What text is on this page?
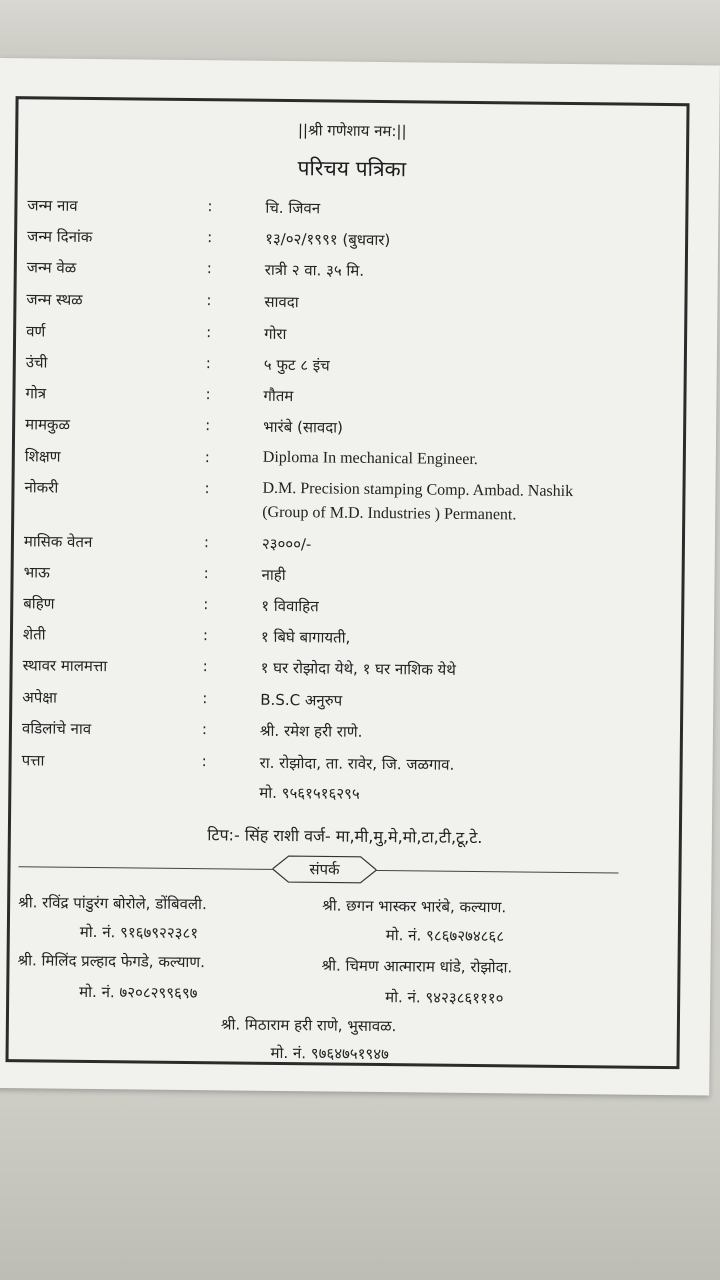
||श्री गणेशाय नम:||
परिचय पत्रिका
जन्म नाव	:	चि. जिवन
जन्म दिनांक	:	१३/०२/१९९१ (बुधवार)
जन्म वेळ	:	रात्री २ वा. ३५ मि.
जन्म स्थळ	:	सावदा
वर्ण	:	गोरा
उंची	:	५ फुट ८ इंच
गोत्र	:	गौतम
मामकुळ	:	भारंबे (सावदा)
शिक्षण	:	Diploma In mechanical Engineer.
नोकरी	:	D.M. Precision stamping Comp. Ambad. Nashik
(Group of M.D. Industries ) Permanent.
मासिक वेतन	:	२३०००/-
भाऊ	:	नाही
बहिण	:	१ विवाहित
शेती	:	१ बिघे बागायती,
स्थावर मालमत्ता	:	१ घर रोझोदा येथे, १ घर नाशिक येथे
अपेक्षा	:	B.S.C अनुरुप
वडिलांचे नाव	:	श्री. रमेश हरी राणे.
पत्ता	:	रा. रोझोदा, ता. रावेर, जि. जळगाव.
मो. ९५६१५१६२९५
टिप:- सिंह राशी वर्ज- मा,मी,मु,मे,मो,टा,टी,टू,टे.
संपर्क
श्री. रविंद्र पांडुरंग बोरोले, डोंबिवली.
मो. नं. ९१६७९२२३८१
श्री. छगन भास्कर भारंबे, कल्याण.
मो. नं. ९८६७२७४८६८
श्री. मिलिंद प्रल्हाद फेगडे, कल्याण.
मो. नं. ७२०८२९९६९७
श्री. चिमण आत्माराम धांडे, रोझोदा.
मो. नं. ९४२३८६१११०
श्री. मिठाराम हरी राणे, भुसावळ.
मो. नं. ९७६४७५१९४७
